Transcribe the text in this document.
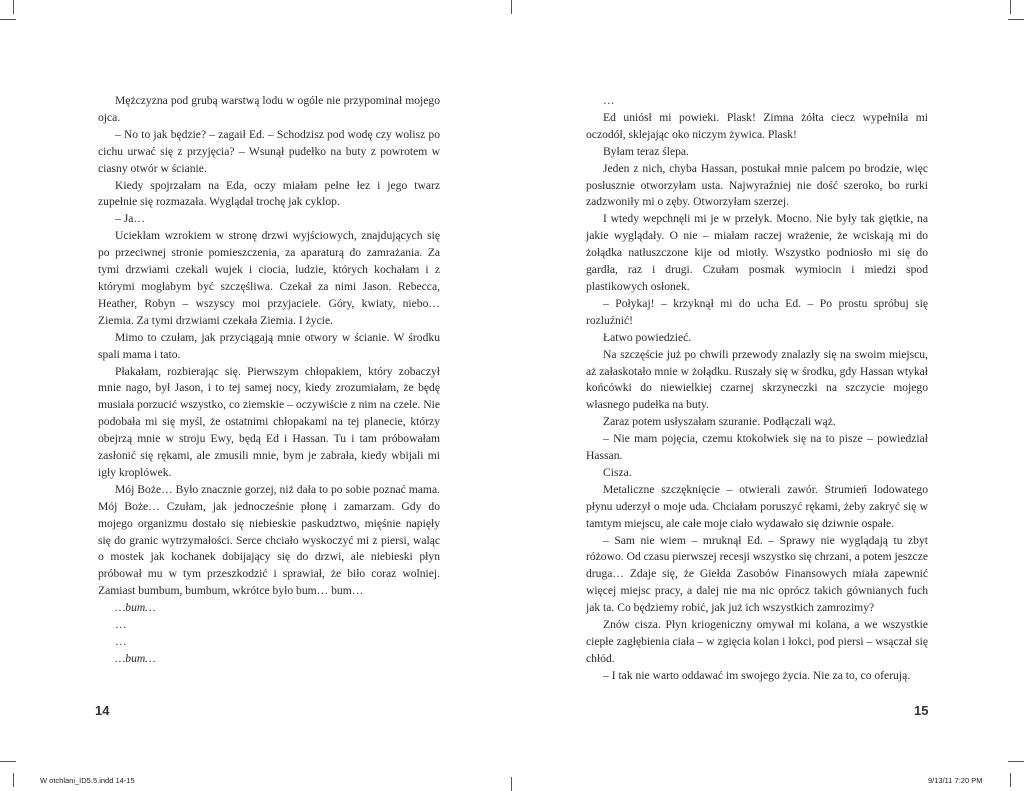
Mężczyzna pod grubą warstwą lodu w ogóle nie przypominał mojego ojca.

– No to jak będzie? – zagaił Ed. – Schodzisz pod wodę czy wolisz po cichu urwać się z przyjęcia? – Wsunął pudełko na buty z powrotem w ciasny otwór w ścianie.

Kiedy spojrzałam na Eda, oczy miałam pełne łez i jego twarz zupełnie się rozmazała. Wyglądał trochę jak cyklop.

– Ja…

Uciekłam wzrokiem w stronę drzwi wyjściowych, znajdujących się po przeciwnej stronie pomieszczenia, za aparaturą do zamrażania. Za tymi drzwiami czekali wujek i ciocia, ludzie, których kochałam i z którymi mogłabym być szczęśliwa. Czekał za nimi Jason. Rebecca, Heather, Robyn – wszyscy moi przyjaciele. Góry, kwiaty, niebo… Ziemia. Za tymi drzwiami czekała Ziemia. I życie.

Mimo to czułam, jak przyciągają mnie otwory w ścianie. W środku spali mama i tato.

Płakałam, rozbierając się. Pierwszym chłopakiem, który zobaczył mnie nago, był Jason, i to tej samej nocy, kiedy zrozumiałam, że będę musiała porzucić wszystko, co ziemskie – oczywiście z nim na czele. Nie podobała mi się myśl, że ostatnimi chłopakami na tej planecie, którzy obejrzą mnie w stroju Ewy, będą Ed i Hassan. Tu i tam próbowałam zasłonić się rękami, ale zmusili mnie, bym je zabrała, kiedy wbijali mi igły kroplówek.

Mój Boże… Było znacznie gorzej, niż dała to po sobie poznać mama. Mój Boże… Czułam, jak jednocześnie płonę i zamarzam. Gdy do mojego organizmu dostało się niebieskie paskudztwo, mięśnie napięły się do granic wytrzymałości. Serce chciało wyskoczyć mi z piersi, waląc o mostek jak kochanek dobijający się do drzwi, ale niebieski płyn próbował mu w tym przeszkodzić i sprawiał, że biło coraz wolniej. Zamiast bumbum, bumbum, wkrótce było bum… bum…

…bum…

…

…

…bum…

…

Ed uniósł mi powieki. Plask! Zimna żółta ciecz wypełniła mi oczodół, sklejając oko niczym żywica. Plask!

Byłam teraz ślepa.

Jeden z nich, chyba Hassan, postukał mnie palcem po brodzie, więc posłusznie otworzyłam usta. Najwyraźniej nie dość szeroko, bo rurki zadzwoniły mi o zęby. Otworzyłam szerzej.

I wtedy wepchnęli mi je w przełyk. Mocno. Nie były tak giętkie, na jakie wyglądały. O nie – miałam raczej wrażenie, że wciskają mi do żołądka natłuszczone kije od miotły. Wszystko podniosło mi się do gardła, raz i drugi. Czułam posmak wymiocin i miedzi spod plastikowych osłonek.

– Połykaj! – krzyknął mi do ucha Ed. – Po prostu spróbuj się rozluźnić!

Łatwo powiedzieć.

Na szczęście już po chwili przewody znalazły się na swoim miejscu, aż załaskotało mnie w żołądku. Ruszały się w środku, gdy Hassan wtykał końcówki do niewielkiej czarnej skrzyneczki na szczycie mojego własnego pudełka na buty.

Zaraz potem usłyszałam szuranie. Podłączali wąż.

– Nie mam pojęcia, czemu ktokolwiek się na to pisze – powiedział Hassan.

Cisza.

Metaliczne szczęknięcie – otwierali zawór. Strumień lodowatego płynu uderzył o moje uda. Chciałam poruszyć rękami, żeby zakryć się w tamtym miejscu, ale całe moje ciało wydawało się dziwnie ospałe.

– Sam nie wiem – mruknął Ed. – Sprawy nie wyglądają tu zbyt różowo. Od czasu pierwszej recesji wszystko się chrzani, a potem jeszcze druga… Zdaje się, że Giełda Zasobów Finansowych miała zapewnić więcej miejsc pracy, a dalej nie ma nic oprócz takich gównianych fuch jak ta. Co będziemy robić, jak już ich wszystkich zamrozimy?

Znów cisza. Płyn kriogeniczny omywał mi kolana, a we wszystkie ciepłe zagłębienia ciała – w zgięcia kolan i łokci, pod piersi – wsączał się chłód.

– I tak nie warto oddawać im swojego życia. Nie za to, co oferują.

14	15
W otchlani_ID5.5.indd 14-15	9/13/11 7:20 PM
